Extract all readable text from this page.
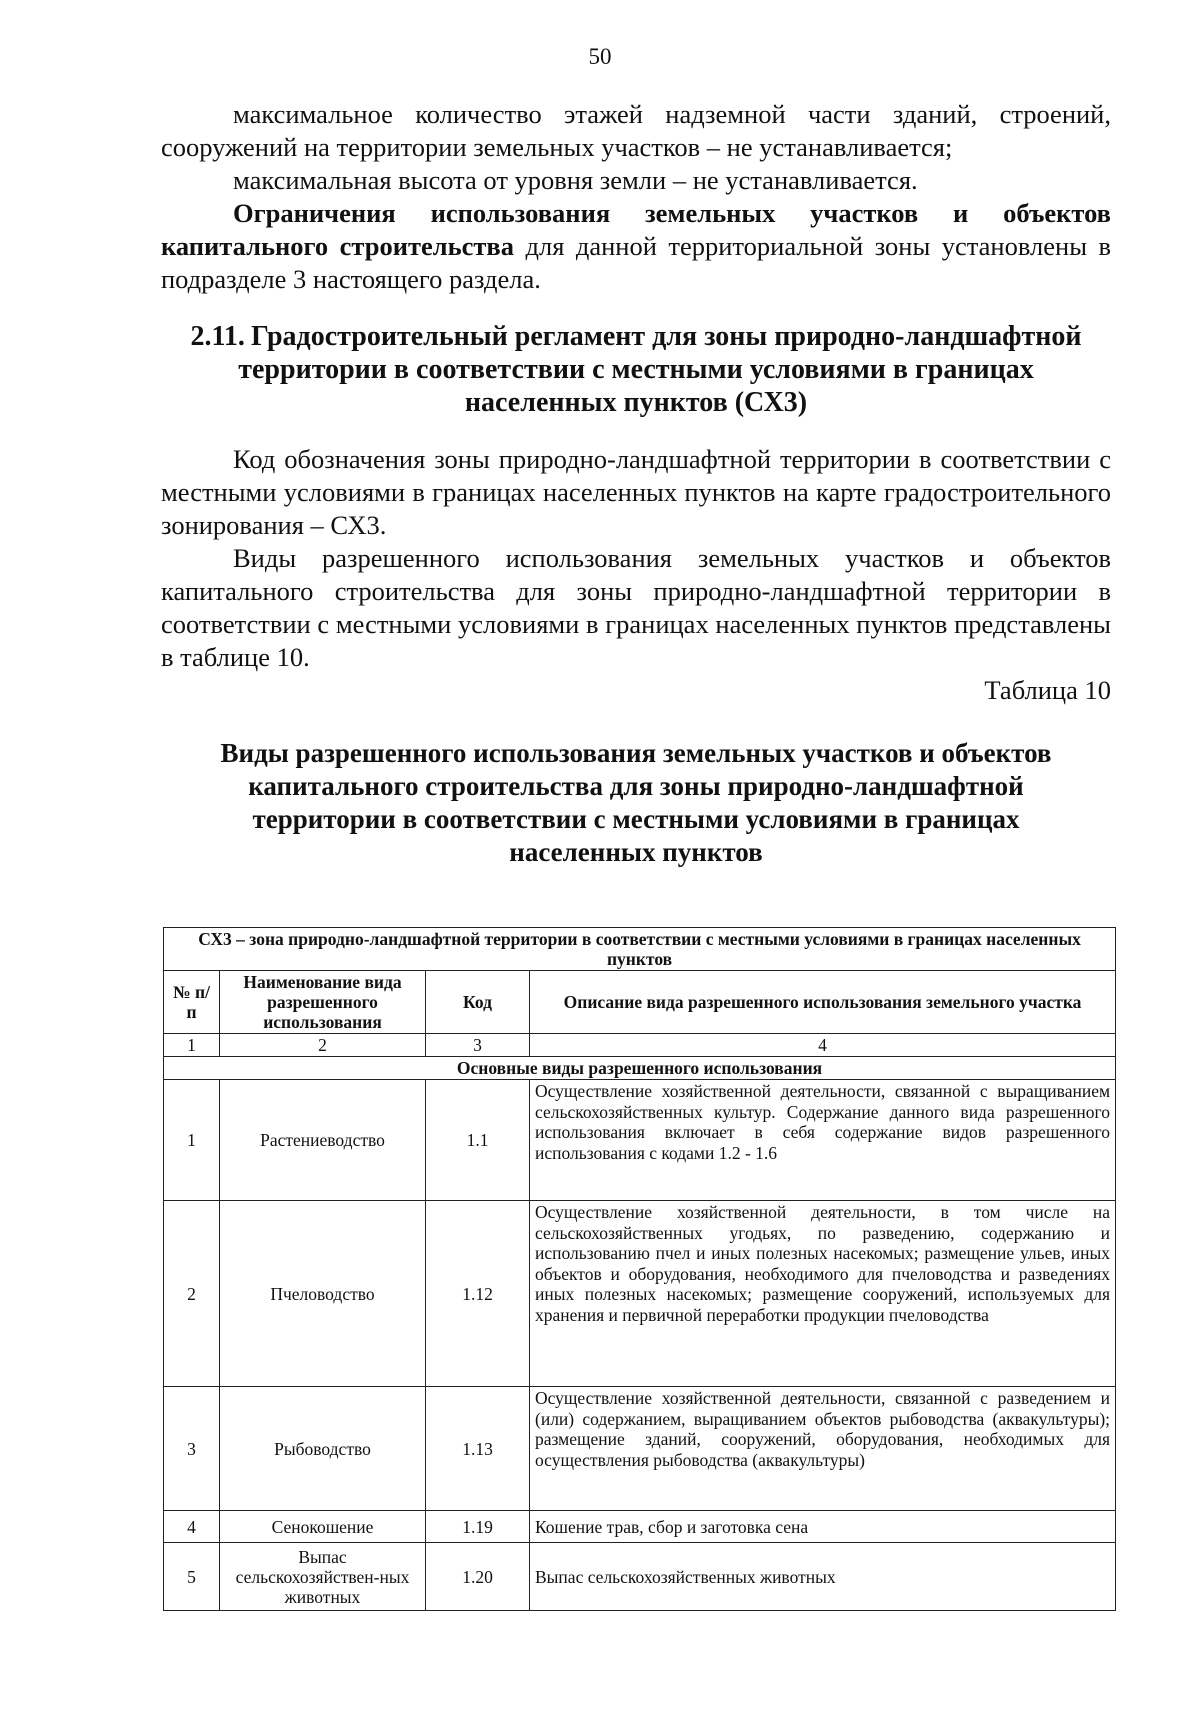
50

максимальное количество этажей надземной части зданий, строений, сооружений на территории земельных участков – не устанавливается;

максимальная высота от уровня земли – не устанавливается.

Ограничения использования земельных участков и объектов капитального строительства для данной территориальной зоны установлены в подразделе 3 настоящего раздела.

2.11. Градостроительный регламент для зоны природно-ландшафтной территории в соответствии с местными условиями в границах населенных пунктов (СХ3)

Код обозначения зоны природно-ландшафтной территории в соответствии с местными условиями в границах населенных пунктов на карте градостроительного зонирования – СХ3.

Виды разрешенного использования земельных участков и объектов капитального строительства для зоны природно-ландшафтной территории в соответствии с местными условиями в границах населенных пунктов представлены в таблице 10.

Таблица 10

Виды разрешенного использования земельных участков и объектов капитального строительства для зоны природно-ландшафтной территории в соответствии с местными условиями в границах населенных пунктов
СХ3 – зона природно-ландшафтной территории в соответствии с местными условиями в границах населенных пунктов			
№ п/п	Наименование вида разрешенного использования	Код	Описание вида разрешенного использования земельного участка
1	2	3	4
Основные виды разрешенного использования			
1	Растениеводство	1.1	Осуществление хозяйственной деятельности, связанной с выращиванием сельскохозяйственных культур. Содержание данного вида разрешенного использования включает в себя содержание видов разрешенного использования с кодами 1.2 - 1.6
2	Пчеловодство	1.12	Осуществление хозяйственной деятельности, в том числе на сельскохозяйственных угодьях, по разведению, содержанию и использованию пчел и иных полезных насекомых; размещение ульев, иных объектов и оборудования, необходимого для пчеловодства и разведениях иных полезных насекомых; размещение сооружений, используемых для хранения и первичной переработки продукции пчеловодства
3	Рыбоводство	1.13	Осуществление хозяйственной деятельности, связанной с разведением и (или) содержанием, выращиванием объектов рыбоводства (аквакультуры); размещение зданий, сооружений, оборудования, необходимых для осуществления рыбоводства (аквакультуры)
4	Сенокошение	1.19	Кошение трав, сбор и заготовка сена
5	Выпас сельскохозяйствен-ных животных	1.20	Выпас сельскохозяйственных животных
